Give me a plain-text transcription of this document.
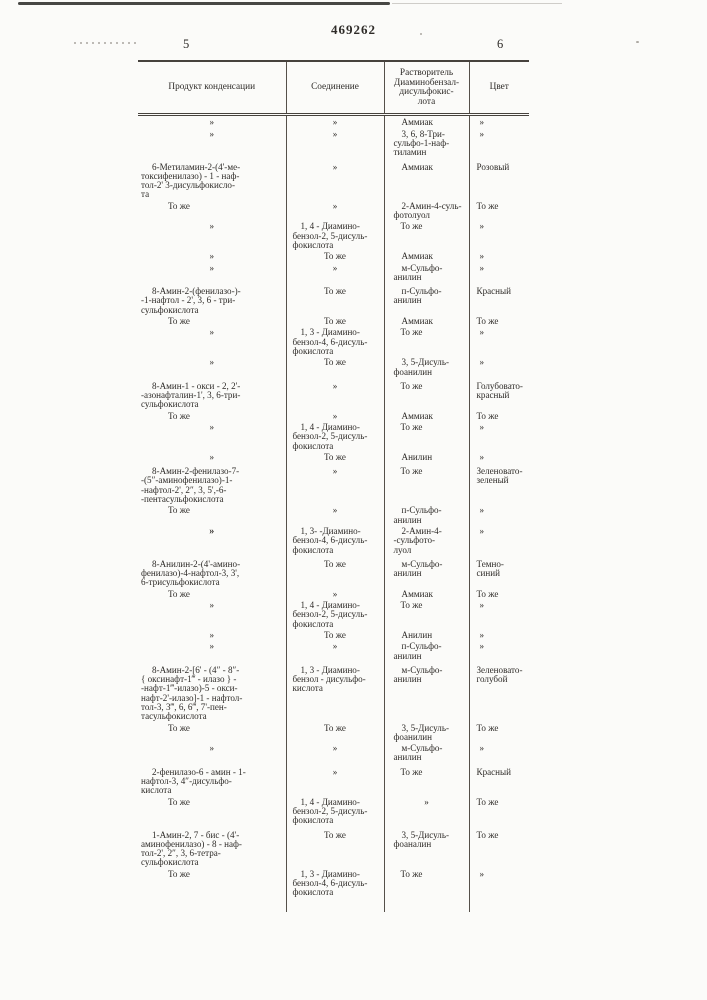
469262
5	6
Продукт конденсации	Соединение	Растворитель
Диаминобензал-
дисульфокис-
лота	Цвет
»	»	Аммиак	»
»	»	3, 6, 8-Три-
сульфо-1-наф-
тиламин	»
6-Метиламин-2-(4'-ме-
токсифенилазо) - 1 - наф-
тол-2' 3-дисульфокисло-
та	»	Аммиак	Розовый
То же	»	2-Амин-4-суль-
фотолуол	То же
»	1, 4 - Диамино-
бензол-2, 5-дисуль-
фокислота	То же	»
»	То же	Аммиак	»
»	»	м-Сульфо-
анилин	»
8-Амин-2-(фенилазо-)-
-1-нафтол - 2', 3, 6 - три-
сульфокислота	То же	п-Сульфо-
анилин	Красный
То же	То же	Аммиак	То же
»	1, 3 - Диамино-
бензол-4, 6-дисуль-
фокислота	То же	»
»	То же	3, 5-Дисуль-
фоанилин	»
8-Амин-1 - окси - 2, 2'-
-азонафталин-1', 3, 6-три-
сульфокислота	»	То же	Голубовато-
красный
То же	»	Аммиак	То же
»	1, 4 - Диамино-
бензол-2, 5-дисуль-
фокислота	То же	»
»	То же	Анилин	»
8-Амин-2-фенилазо-7-
-(5″-аминофенилазо)-1-
-нафтол-2', 2″, 3, 5',-6-
-пентасульфокислота	»	То же	Зеленовато-
зеленый
То же	»	п-Сульфо-
анилин	»
»	1, 3- -Диамино-
бензол-4, 6-дисуль-
фокислота	2-Амин-4-
-сульфото-
луол	»
8-Анилин-2-(4'-амино-
фенилазо)-4-нафтол-3, 3',
6-трисульфокислота	То же	м-Сульфо-
анилин	Темно-
синий
То же	»	Аммиак	То же
»	1, 4 - Диамино-
бензол-2, 5-дисуль-
фокислота	То же	»
»	То же	Анилин	»
»	»	п-Сульфо-
анилин	»
8-Амин-2-[6' - (4″ - 8″-
{ оксинафт-1‴ - илазо } -
-нафт-1‴-илазо)-5 - окси-
нафт-2'-илазо]-1 - нафтол-
тол-3, 3‴, 6, 6‴, 7'-пен-
тасульфокислота	1, 3 - Диамино-
бензол - дисульфо-
кислота	м-Сульфо-
анилин	Зеленовато-
голубой
То же	То же	3, 5-Дисуль-
фоанилин	То же
»	»	м-Сульфо-
анилин	»
2-фенилазо-6 - амин - 1-
нафтол-3, 4″-дисульфо-
кислота	»	То же	Красный
То же	1, 4 - Диамино-
бензол-2, 5-дисуль-
фокислота	»	То же
1-Амин-2, 7 - бис - (4'-
аминофенилазо) - 8 - наф-
тол-2', 2″, 3, 6-тетра-
сульфокислота	То же	3, 5-Дисуль-
фоаналин	То же
То же	1, 3 - Диамино-
бензол-4, 6-дисуль-
фокислота	То же	»
